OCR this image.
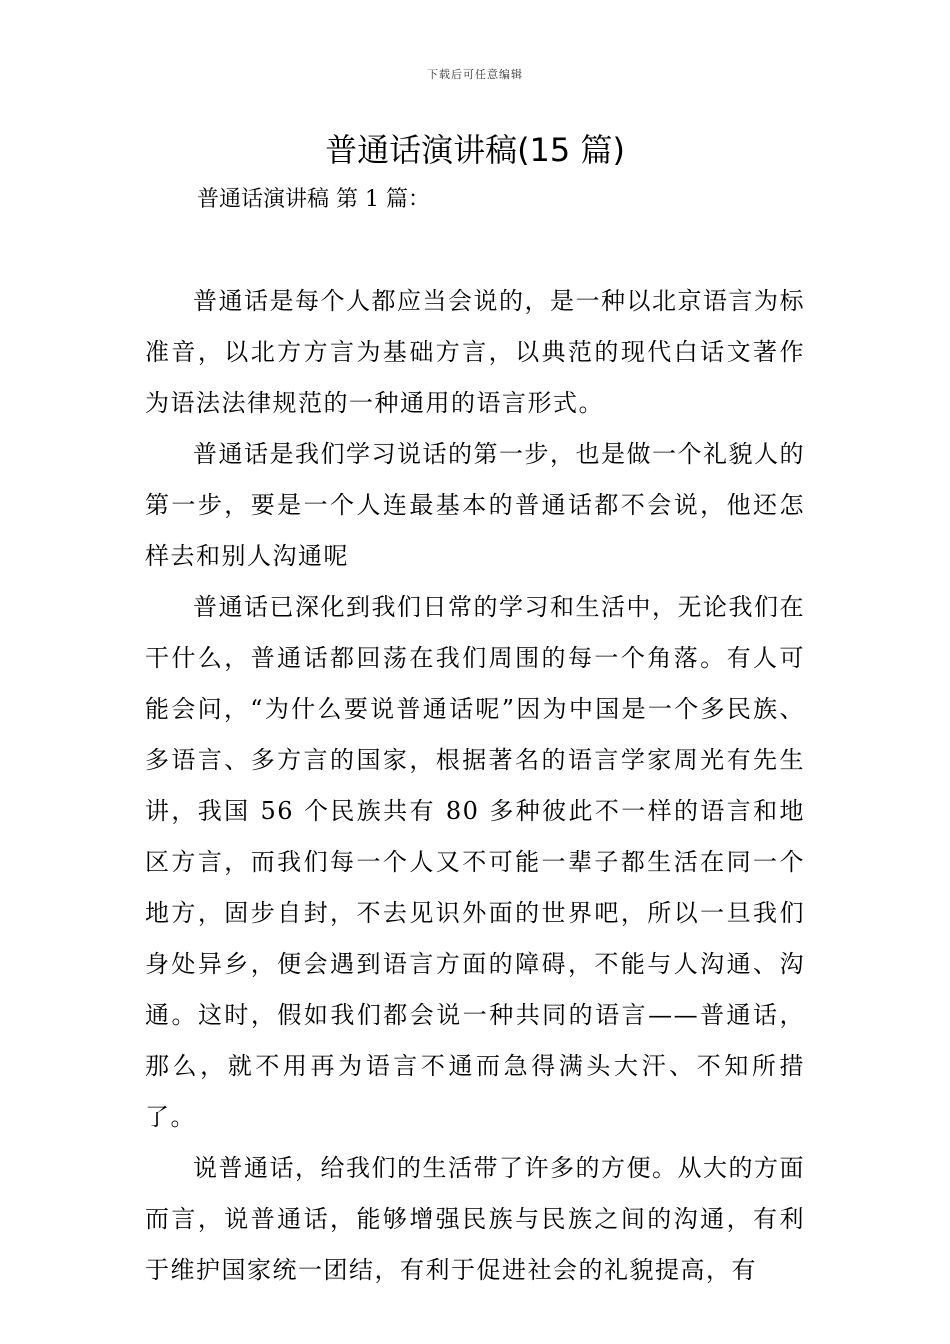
下载后可任意编辑
普通话演讲稿(15 篇)
普通话演讲稿 第 1 篇：

普通话是每个人都应当会说的，是一种以北京语言为标准音，以北方方言为基础方言，以典范的现代白话文著作为语法法律规范的一种通用的语言形式。

普通话是我们学习说话的第一步，也是做一个礼貌人的第一步，要是一个人连最基本的普通话都不会说，他还怎样去和别人沟通呢

普通话已深化到我们日常的学习和生活中，无论我们在干什么，普通话都回荡在我们周围的每一个角落。有人可能会问，“为什么要说普通话呢”因为中国是一个多民族、多语言、多方言的国家，根据著名的语言学家周光有先生讲，我国 56 个民族共有 80 多种彼此不一样的语言和地区方言，而我们每一个人又不可能一辈子都生活在同一个地方，固步自封，不去见识外面的世界吧，所以一旦我们身处异乡，便会遇到语言方面的障碍，不能与人沟通、沟通。这时，假如我们都会说一种共同的语言——普通话，那么，就不用再为语言不通而急得满头大汗、不知所措了。

说普通话，给我们的生活带了许多的方便。从大的方面而言，说普通话，能够增强民族与民族之间的沟通，有利于维护国家统一团结，有利于促进社会的礼貌提高，有
